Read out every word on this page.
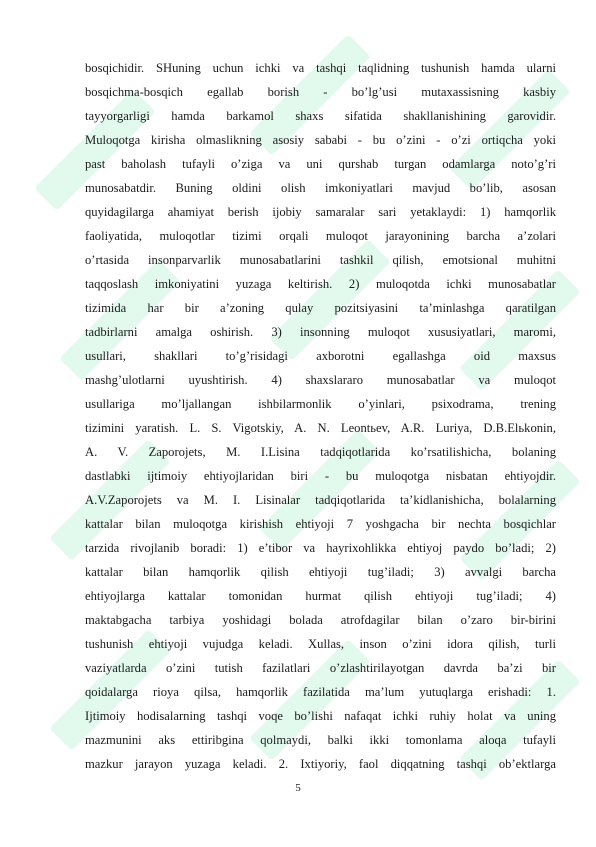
bosqichidir. SHuning uchun ichki va tashqi taqlidning tushunish hamda ularni
bosqichma-bosqich egallab borish - bo’lg’usi mutaxassisning kasbiy
tayyorgarligi hamda barkamol shaxs sifatida shakllanishining garovidir.
Muloqotga kirisha olmaslikning asosiy sababi - bu o’zini - o’zi ortiqcha yoki
past baholash tufayli o’ziga va uni qurshab turgan odamlarga noto’g’ri
munosabatdir. Buning oldini olish imkoniyatlari mavjud bo’lib, asosan
quyidagilarga ahamiyat berish ijobiy samaralar sari yetaklaydi: 1) hamqorlik
faoliyatida, muloqotlar tizimi orqali muloqot jarayonining barcha a’zolari
o’rtasida insonparvarlik munosabatlarini tashkil qilish, emotsional muhitni
taqqoslash imkoniyatini yuzaga keltirish. 2) muloqotda ichki munosabatlar
tizimida har bir a’zoning qulay pozitsiyasini ta’minlashga qaratilgan
tadbirlarni amalga oshirish. 3) insonning muloqot xususiyatlari, maromi,
usullari, shakllari to’g’risidagi axborotni egallashga oid maxsus
mashg’ulotlarni uyushtirish. 4) shaxslararo munosabatlar va muloqot
usullariga mo’ljallangan ishbilarmonlik o’yinlari, psixodrama, trening
tizimini yaratish. L. S. Vigotskiy, A. N. Leontьev, A.R. Luriya, D.B.Elьkonin,
A. V. Zaporojets, M. I.Lisina tadqiqotlarida ko’rsatilishicha, bolaning
dastlabki ijtimoiy ehtiyojlaridan biri - bu muloqotga nisbatan ehtiyojdir.
A.V.Zaporojets va M. I. Lisinalar tadqiqotlarida ta’kidlanishicha, bolalarning
kattalar bilan muloqotga kirishish ehtiyoji 7 yoshgacha bir nechta bosqichlar
tarzida rivojlanib boradi: 1) e’tibor va hayrixohlikka ehtiyoj paydo bo’ladi; 2)
kattalar bilan hamqorlik qilish ehtiyoji tug’iladi; 3) avvalgi barcha
ehtiyojlarga kattalar tomonidan hurmat qilish ehtiyoji tug’iladi; 4)
maktabgacha tarbiya yoshidagi bolada atrofdagilar bilan o’zaro bir-birini
tushunish ehtiyoji vujudga keladi. Xullas, inson o’zini idora qilish, turli
vaziyatlarda o’zini tutish fazilatlari o’zlashtirilayotgan davrda ba’zi bir
qoidalarga rioya qilsa, hamqorlik fazilatida ma’lum yutuqlarga erishadi: 1.
Ijtimoiy hodisalarning tashqi voqe bo’lishi nafaqat ichki ruhiy holat va uning
mazmunini aks ettiribgina qolmaydi, balki ikki tomonlama aloqa tufayli
mazkur jarayon yuzaga keladi. 2. Ixtiyoriy, faol diqqatning tashqi ob’ektlarga
5
